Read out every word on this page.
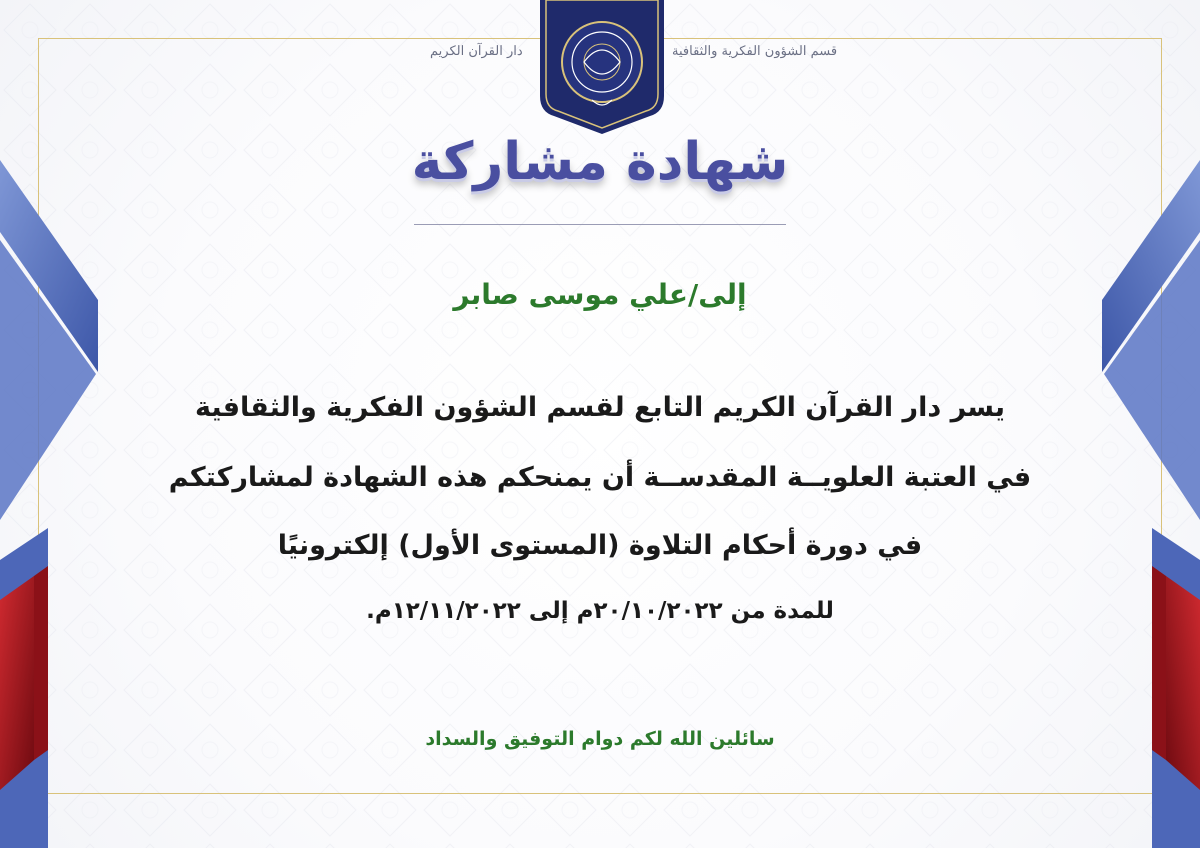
دار القرآن الكريم	قسم الشؤون الفكرية والثقافية
شهادة مشاركة
إلى/علي موسى صابر
يسر دار القرآن الكريم التابع لقسم الشؤون الفكرية والثقافية
في العتبة العلويــة المقدســة أن يمنحكم هذه الشهادة لمشاركتكم
في دورة أحكام التلاوة (المستوى الأول) إلكترونيًا
للمدة من ٢٠/١٠/٢٠٢٢م إلى ١٢/١١/٢٠٢٢م.
سائلين الله لكم دوام التوفيق والسداد
